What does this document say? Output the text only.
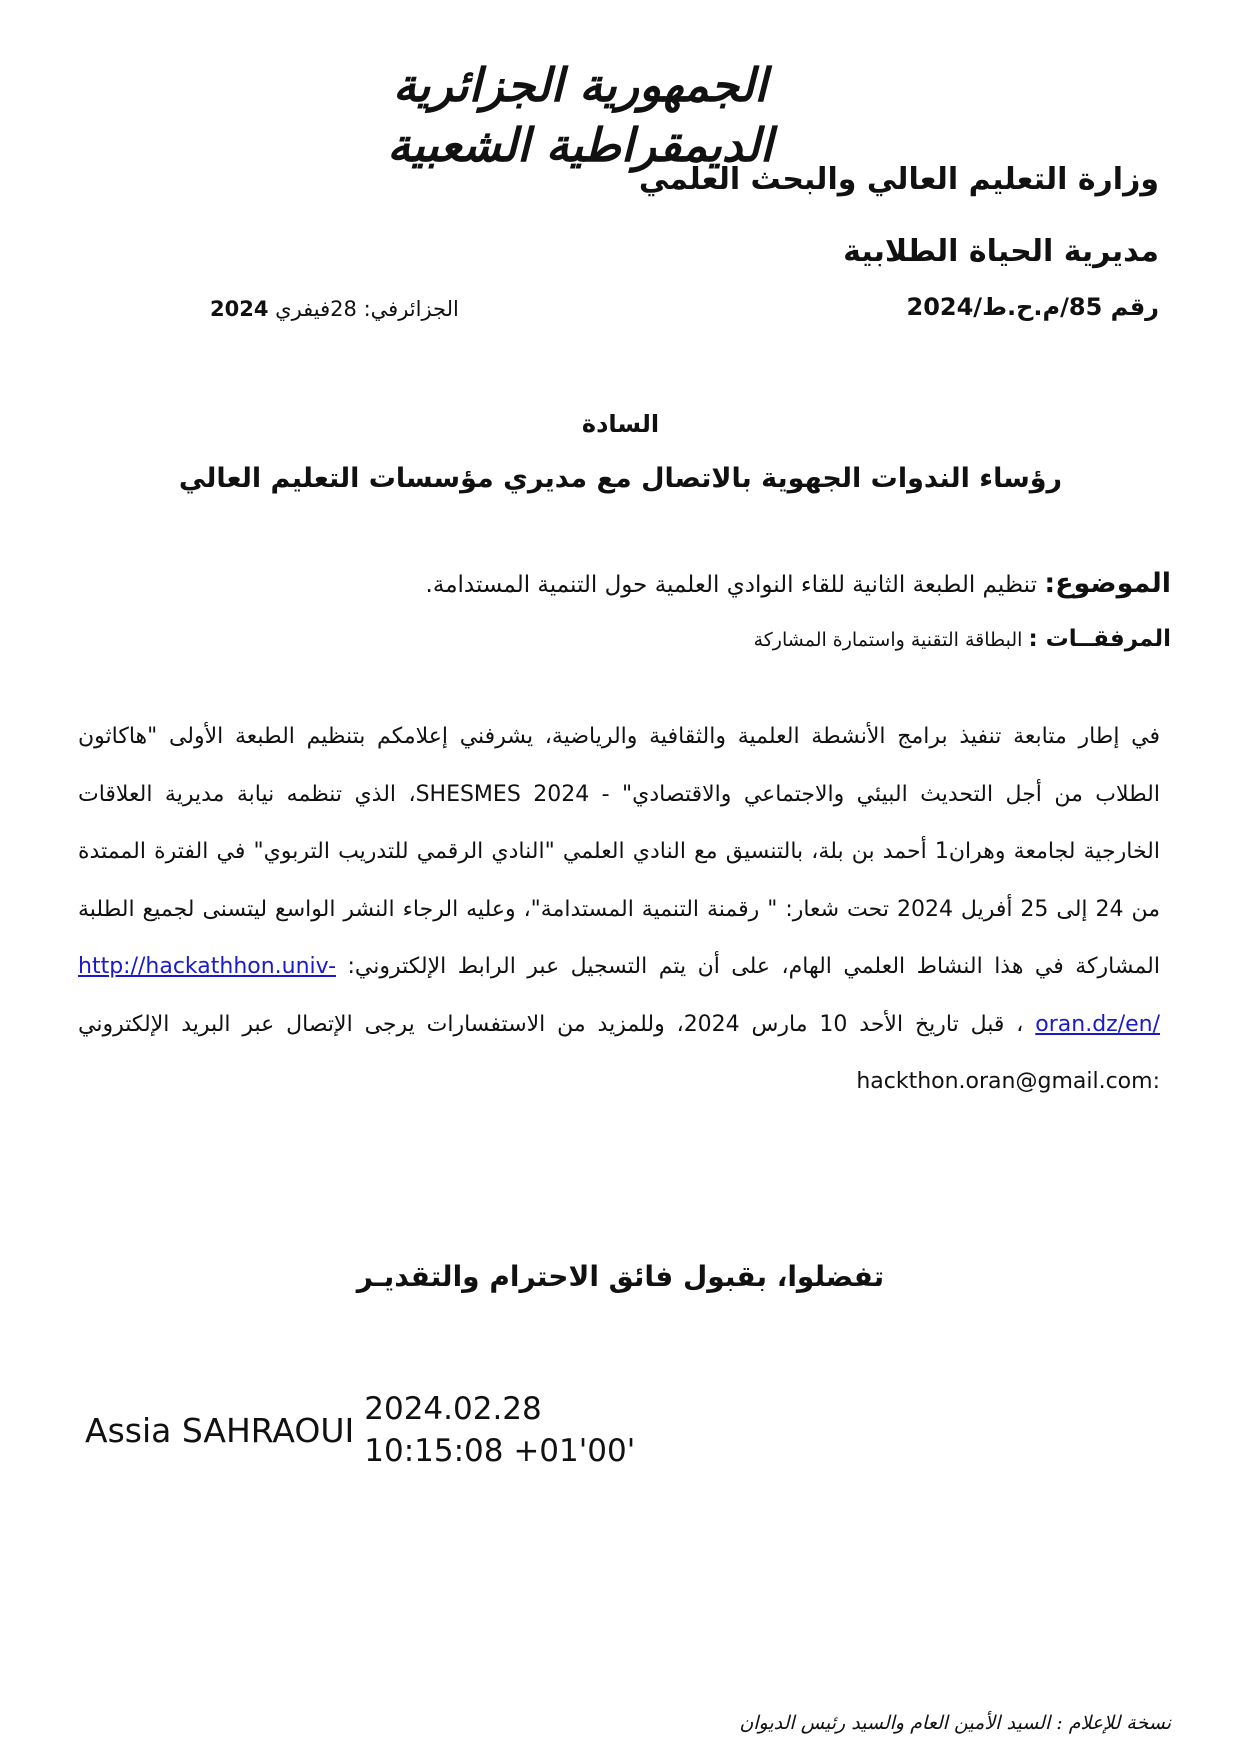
الجمهورية الجزائرية الديمقراطية الشعبية
وزارة التعليم العالي والبحث العلمي
مديرية الحياة الطلابية
رقم 85/م.ح.ط/2024
الجزائرفي: 28فيفري 2024
السادة
رؤساء الندوات الجهوية بالاتصال مع مديري مؤسسات التعليم العالي
الموضوع: تنظيم الطبعة الثانية للقاء النوادي العلمية حول التنمية المستدامة.
المرفقــات : البطاقة التقنية واستمارة المشاركة
في إطار متابعة تنفيذ برامج الأنشطة العلمية والثقافية والرياضية، يشرفني إعلامكم بتنظيم الطبعة الأولى "هاكاثون الطلاب من أجل التحديث البيئي والاجتماعي والاقتصادي" - SHESMES 2024، الذي تنظمه نيابة مديرية العلاقات الخارجية لجامعة وهران1 أحمد بن بلة، بالتنسيق مع النادي العلمي "النادي الرقمي للتدريب التربوي" في الفترة الممتدة من 24 إلى 25 أفريل 2024 تحت شعار: " رقمنة التنمية المستدامة"، وعليه الرجاء النشر الواسع ليتسنى لجميع الطلبة المشاركة في هذا النشاط العلمي الهام، على أن يتم التسجيل عبر الرابط الإلكتروني: http://hackathhon.univ-oran.dz/en/ ، قبل تاريخ الأحد 10 مارس 2024، وللمزيد من الاستفسارات يرجى الإتصال عبر البريد الإلكتروني :hackthon.oran@gmail.com
تفضلوا، بقبول فائق الاحترام والتقديـر
Assia SAHRAOUI
2024.02.28
10:15:08 +01'00'
نسخة للإعلام : السيد الأمين العام والسيد رئيس الديوان
